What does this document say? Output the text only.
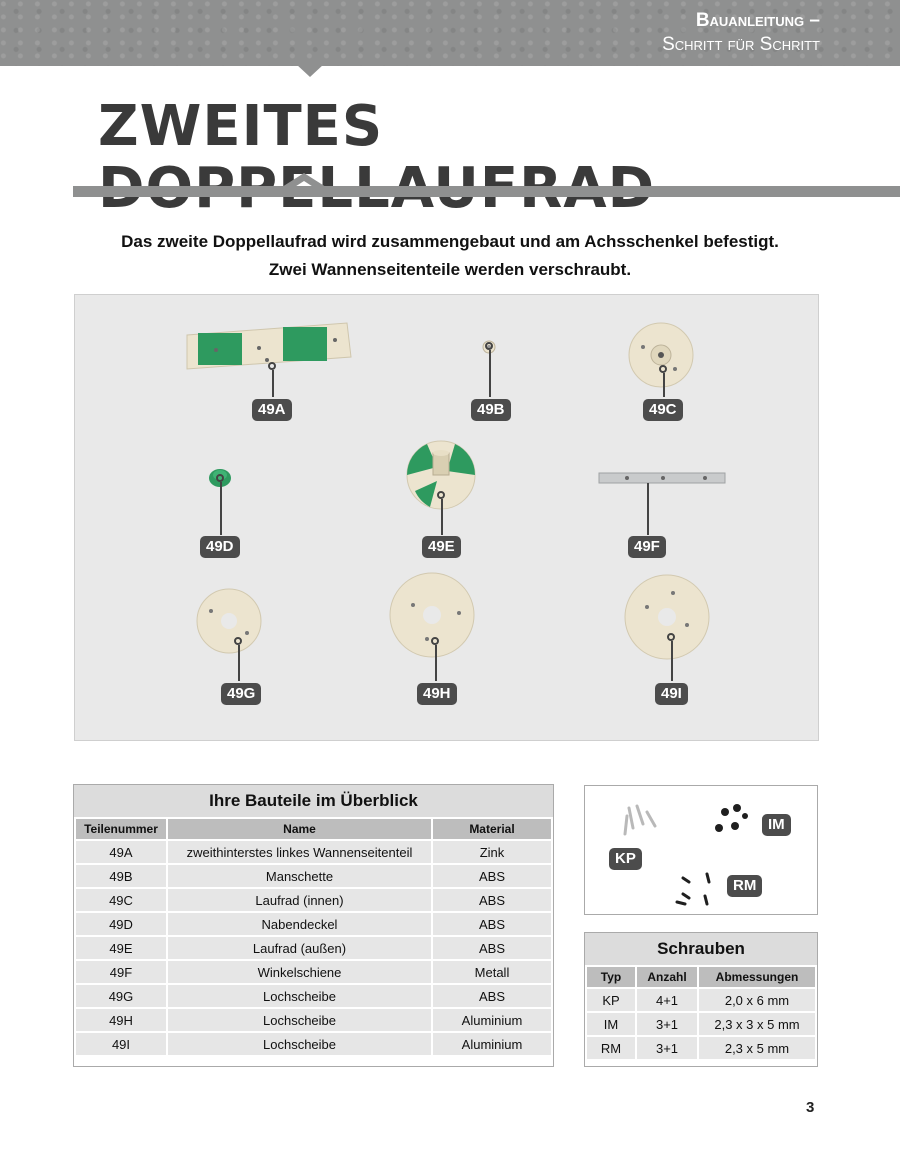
Bauanleitung –
Schritt für Schritt
ZWEITES
Das zweite Doppellaufrad wird zusammengebaut und am Achsschenkel befestigt.
Zwei Wannenseitenteile werden verschraubt.
49A	49B	49C
49D	49E	49F
49G	49H	49I
Ihre Bauteile im Überblick
Teilenummer	Name	Material
49A	zweithinterstes linkes Wannenseitenteil	Zink
49B	Manschette	ABS
49C	Laufrad (innen)	ABS
49D	Nabendeckel	ABS
49E	Laufrad (außen)	ABS
49F	Winkelschiene	Metall
49G	Lochscheibe	ABS
49H	Lochscheibe	Aluminium
49I	Lochscheibe	Aluminium
IM
KP
RM
Schrauben
Typ	Anzahl	Abmessungen
KP	4+1	2,0 x 6 mm
IM	3+1	2,3 x 3 x 5 mm
RM	3+1	2,3 x 5 mm
3
